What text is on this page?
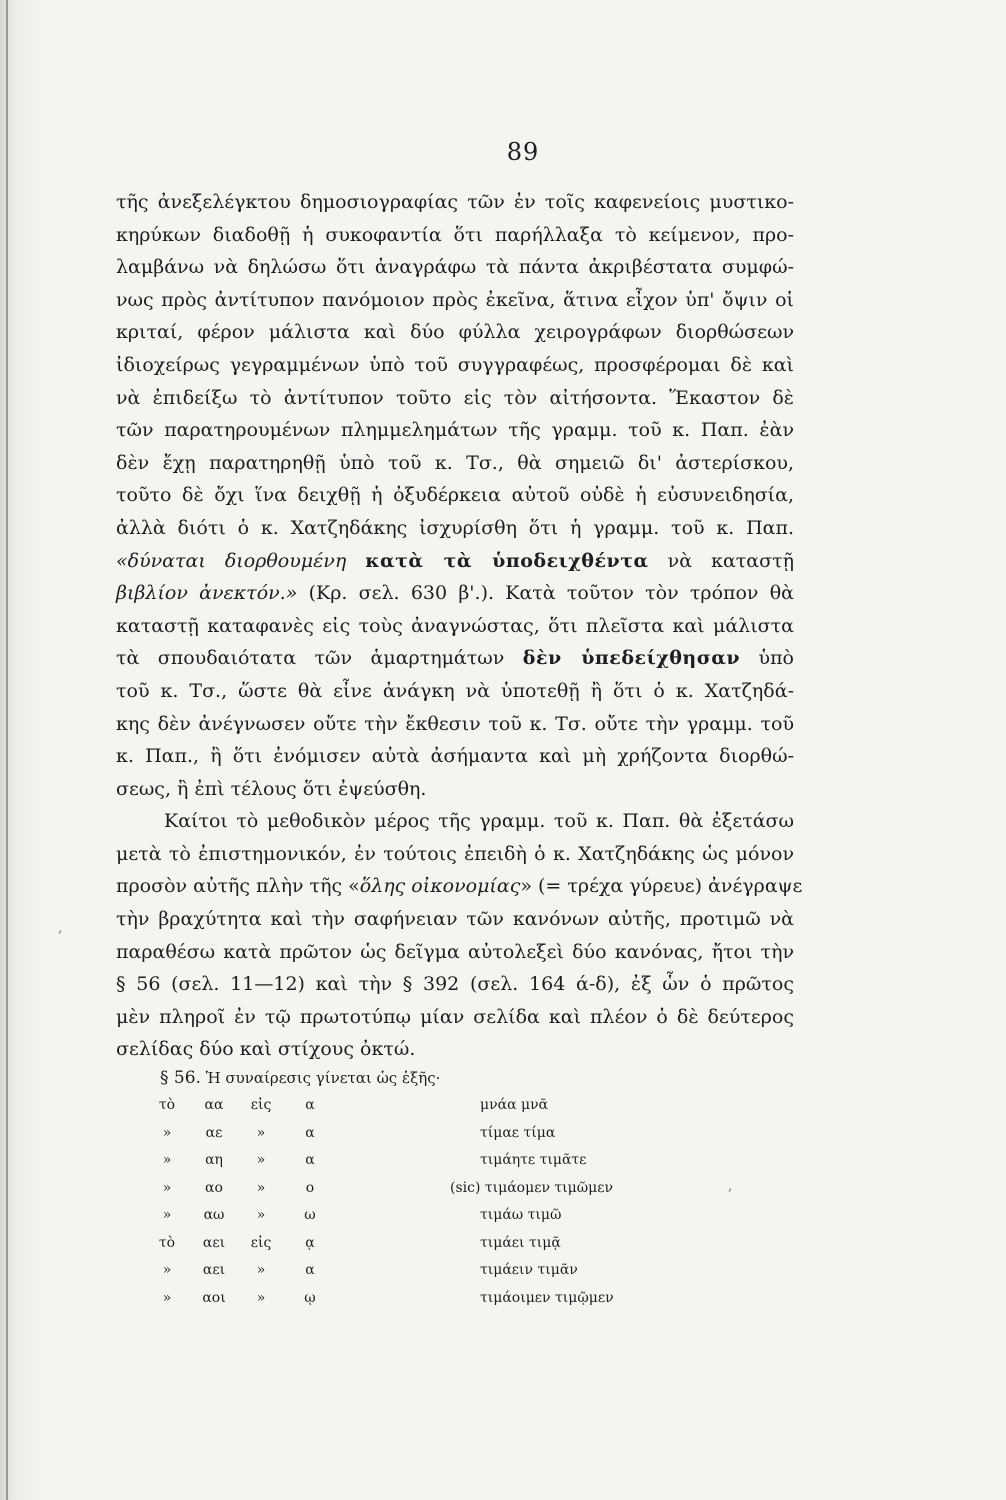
89
τῆς ἀνεξελέγκτου δημοσιογραφίας τῶν ἐν τοῖς καφενείοις μυστικο-
κηρύκων διαδοθῇ ἡ συκοφαντία ὅτι παρήλλαξα τὸ κείμενον, προ-
λαμβάνω νὰ δηλώσω ὅτι ἀναγράφω τὰ πάντα ἀκριβέστατα συμφώ-
νως πρὸς ἀντίτυπον πανόμοιον πρὸς ἐκεῖνα, ἅτινα εἶχον ὑπ' ὄψιν οἱ
κριταί, φέρον μάλιστα καὶ δύο φύλλα χειρογράφων διορθώσεων
ἰδιοχείρως γεγραμμένων ὑπὸ τοῦ συγγραφέως, προσφέρομαι δὲ καὶ
νὰ ἐπιδείξω τὸ ἀντίτυπον τοῦτο εἰς τὸν αἰτήσοντα. Ἕκαστον δὲ
τῶν παρατηρουμένων πλημμελημάτων τῆς γραμμ. τοῦ κ. Παπ. ἐὰν
δὲν ἔχῃ παρατηρηθῇ ὑπὸ τοῦ κ. Τσ., θὰ σημειῶ δι' ἀστερίσκου,
τοῦτο δὲ ὄχι ἵνα δειχθῇ ἡ ὀξυδέρκεια αὐτοῦ οὐδὲ ἡ εὐσυνειδησία,
ἀλλὰ διότι ὁ κ. Χατζηδάκης ἰσχυρίσθη ὅτι ἡ γραμμ. τοῦ κ. Παπ.
«δύναται διορθουμένη κατὰ τὰ ὑποδειχθέντα νὰ καταστῇ
βιβλίον ἀνεκτόν.» (Κρ. σελ. 630 β'.). Κατὰ τοῦτον τὸν τρόπον θὰ
καταστῇ καταφανὲς εἰς τοὺς ἀναγνώστας, ὅτι πλεῖστα καὶ μάλιστα
τὰ σπουδαιότατα τῶν ἁμαρτημάτων δὲν ὑπεδείχθησαν ὑπὸ
τοῦ κ. Τσ., ὥστε θὰ εἶνε ἀνάγκη νὰ ὑποτεθῇ ἢ ὅτι ὁ κ. Χατζηδά-
κης δὲν ἀνέγνωσεν οὔτε τὴν ἔκθεσιν τοῦ κ. Τσ. οὔτε τὴν γραμμ. τοῦ
κ. Παπ., ἢ ὅτι ἐνόμισεν αὐτὰ ἀσήμαντα καὶ μὴ χρήζοντα διορθώ-
σεως, ἢ ἐπὶ τέλους ὅτι ἐψεύσθη.
Καίτοι τὸ μεθοδικὸν μέρος τῆς γραμμ. τοῦ κ. Παπ. θὰ ἐξετάσω
μετὰ τὸ ἐπιστημονικόν, ἐν τούτοις ἐπειδὴ ὁ κ. Χατζηδάκης ὡς μόνον
προσὸν αὐτῆς πλὴν τῆς «ὅλης οἰκονομίας» (= τρέχα γύρευε) ἀνέγραψε
τὴν βραχύτητα καὶ τὴν σαφήνειαν τῶν κανόνων αὐτῆς, προτιμῶ νὰ
παραθέσω κατὰ πρῶτον ὡς δεῖγμα αὐτολεξεὶ δύο κανόνας, ἤτοι τὴν
§ 56 (σελ. 11—12) καὶ τὴν § 392 (σελ. 164 ά-δ), ἐξ ὧν ὁ πρῶτος
μὲν πληροῖ ἐν τῷ πρωτοτύπῳ μίαν σελίδα καὶ πλέον ὁ δὲ δεύτερος
σελίδας δύο καὶ στίχους ὀκτώ.
,
,
§ 56. Ἡ συναίρεσις γίνεται ὡς ἑξῆς·
τὸ	αα	εἰς	α	μνάα μνᾶ
»	αε	»	α	τίμαε τίμα
»	αη	»	α	τιμάητε τιμᾶτε
»	αο	»	ο	(sic) τιμάομεν τιμῶμεν
»	αω	»	ω	τιμάω τιμῶ
τὸ	αει	εἰς	ᾳ	τιμάει τιμᾷ
»	αει	»	α	τιμάειν τιμᾶν
»	αοι	»	ῳ	τιμάοιμεν τιμῷμεν
